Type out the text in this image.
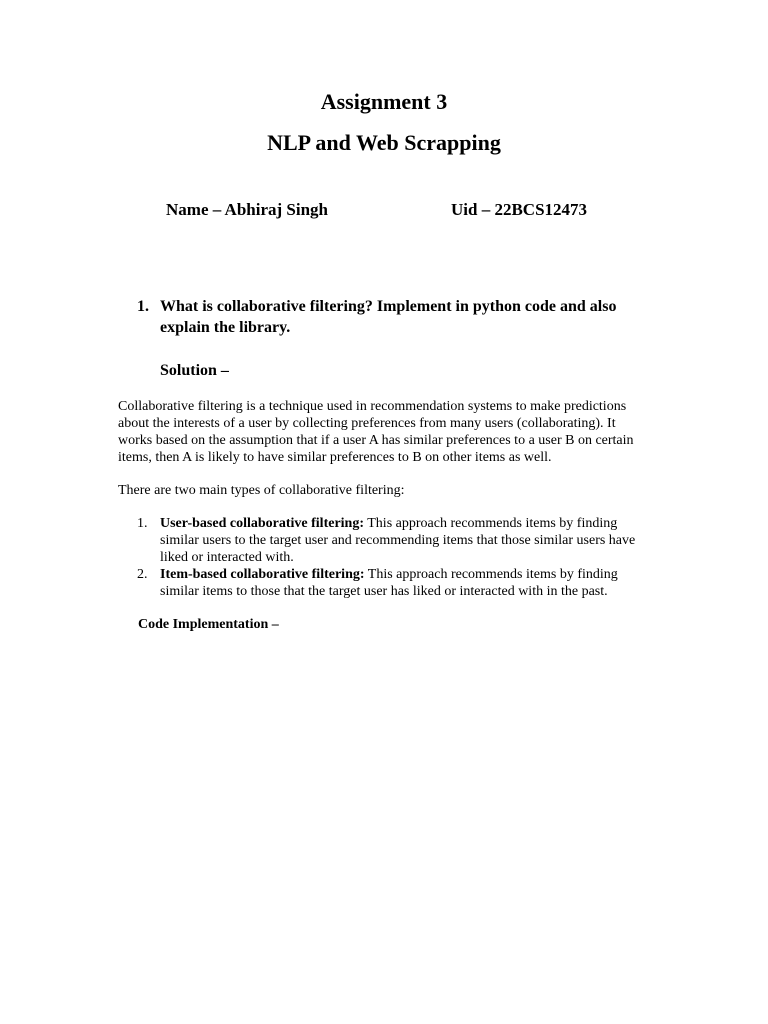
Assignment 3
NLP and Web Scrapping
Name – Abhiraj Singh	Uid – 22BCS12473
1. What is collaborative filtering? Implement in python code and also explain the library.
Solution –

Collaborative filtering is a technique used in recommendation systems to make predictions about the interests of a user by collecting preferences from many users (collaborating). It works based on the assumption that if a user A has similar preferences to a user B on certain items, then A is likely to have similar preferences to B on other items as well.

There are two main types of collaborative filtering:

1. User-based collaborative filtering: This approach recommends items by finding similar users to the target user and recommending items that those similar users have liked or interacted with.
2. Item-based collaborative filtering: This approach recommends items by finding similar items to those that the target user has liked or interacted with in the past.
Code Implementation –
